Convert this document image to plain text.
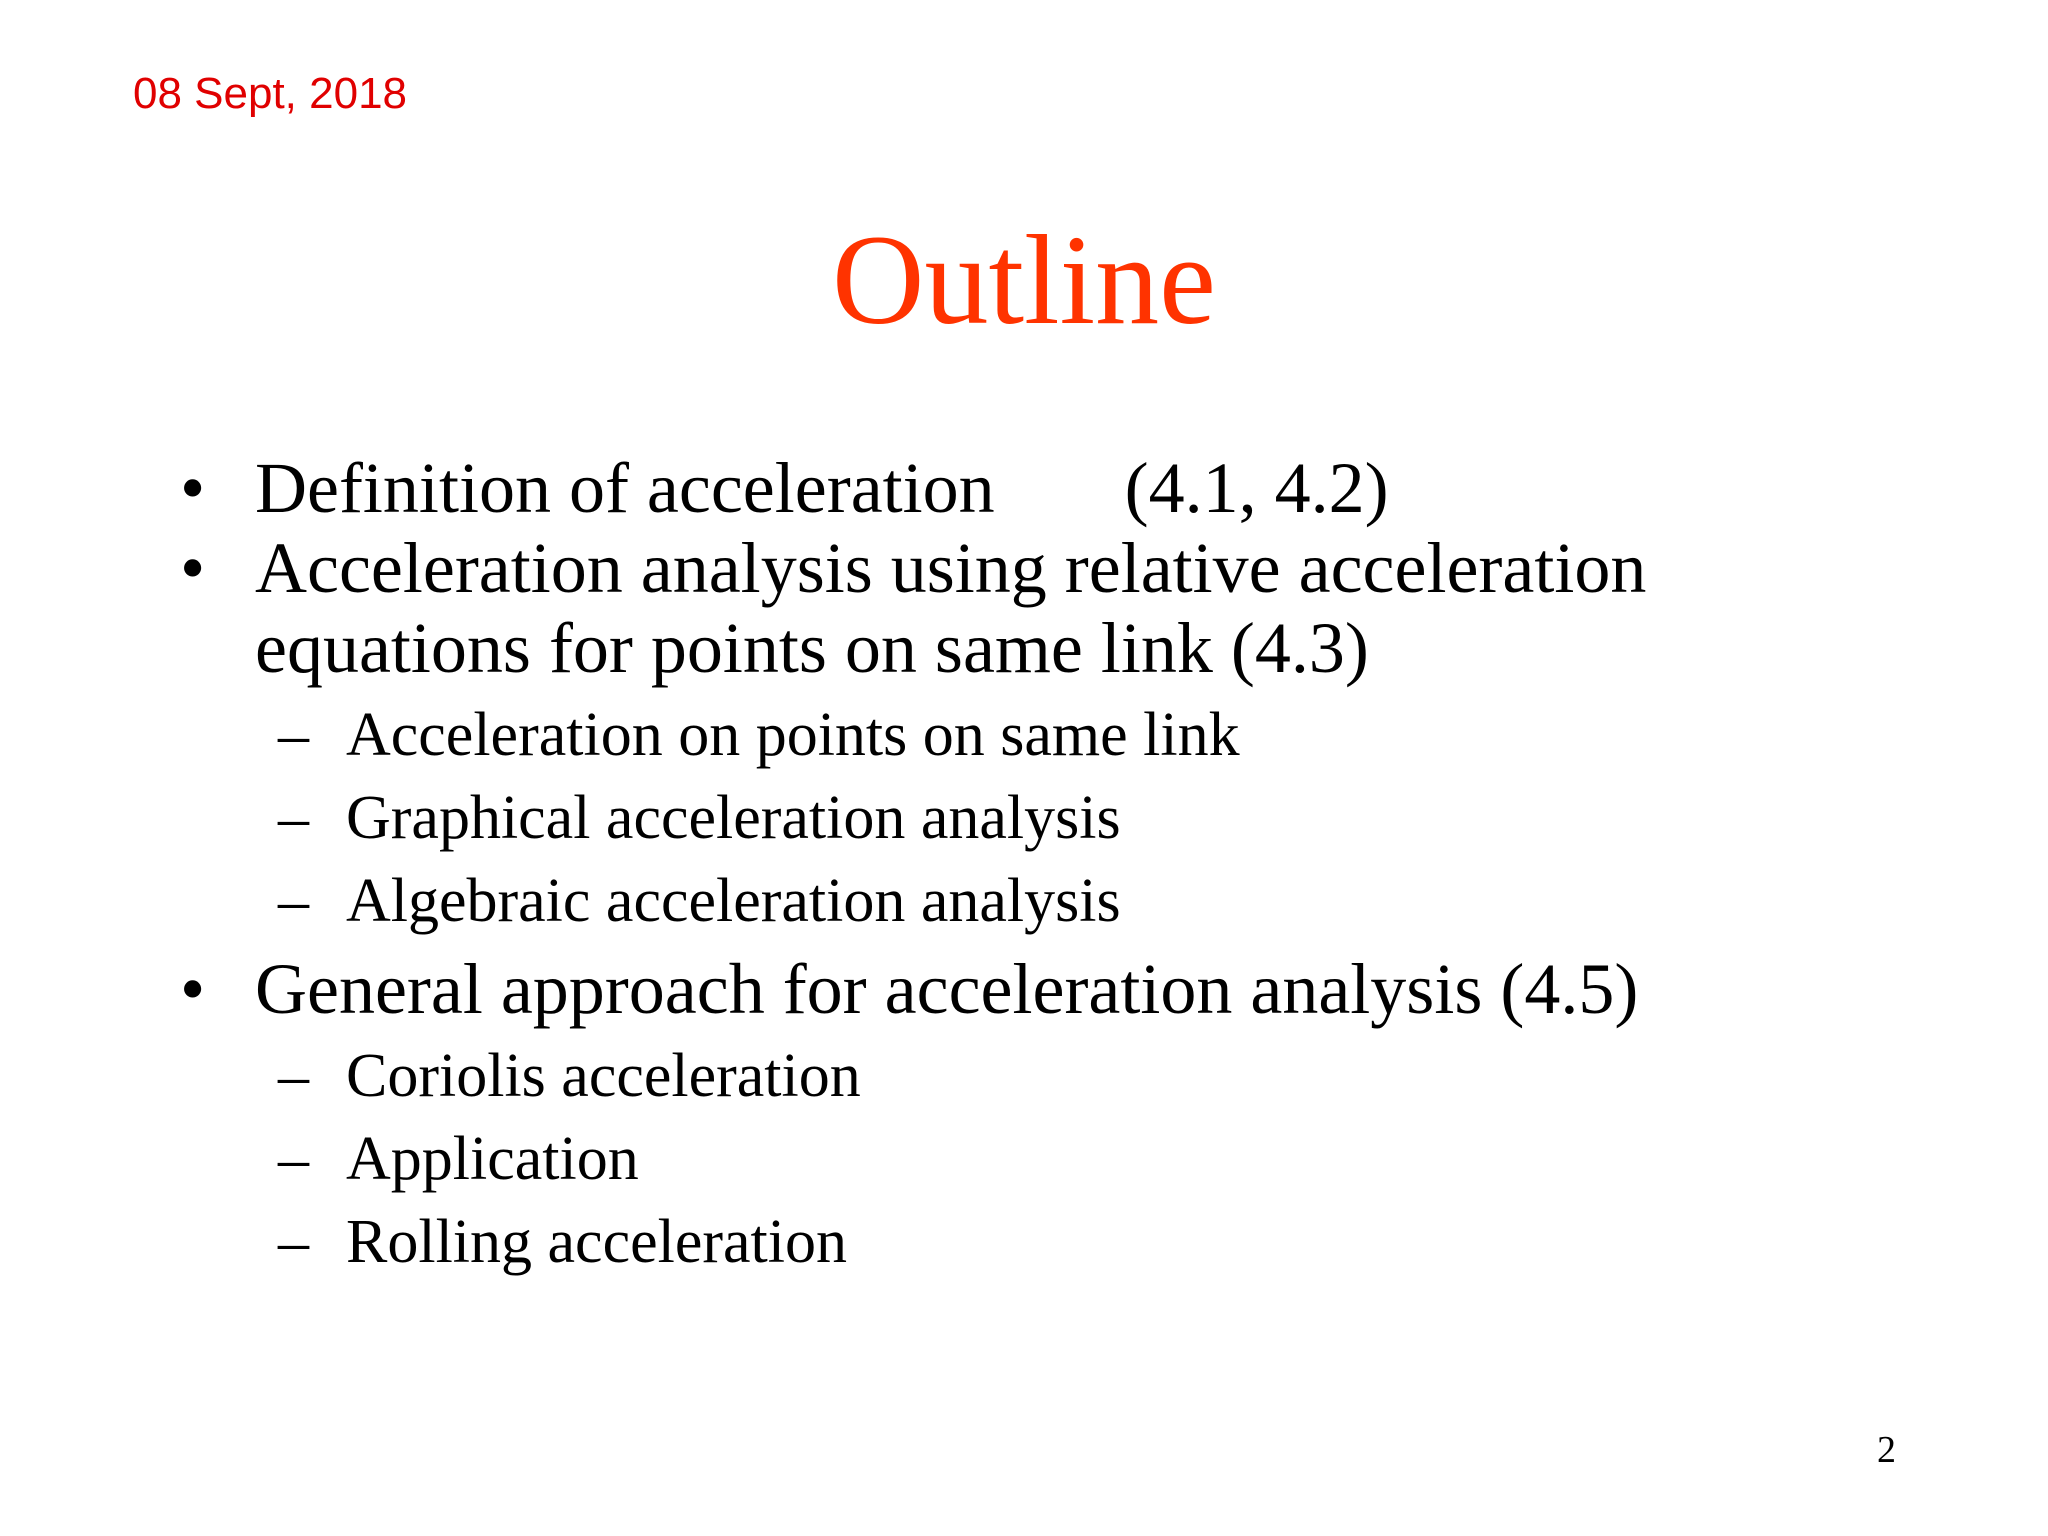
08 Sept, 2018
Outline
• Definition of acceleration (4.1, 4.2)
• Acceleration analysis using relative acceleration
equations for points on same link (4.3)
– Acceleration on points on same link
– Graphical acceleration analysis
– Algebraic acceleration analysis
• General approach for acceleration analysis (4.5)
– Coriolis acceleration
– Application
– Rolling acceleration
2
